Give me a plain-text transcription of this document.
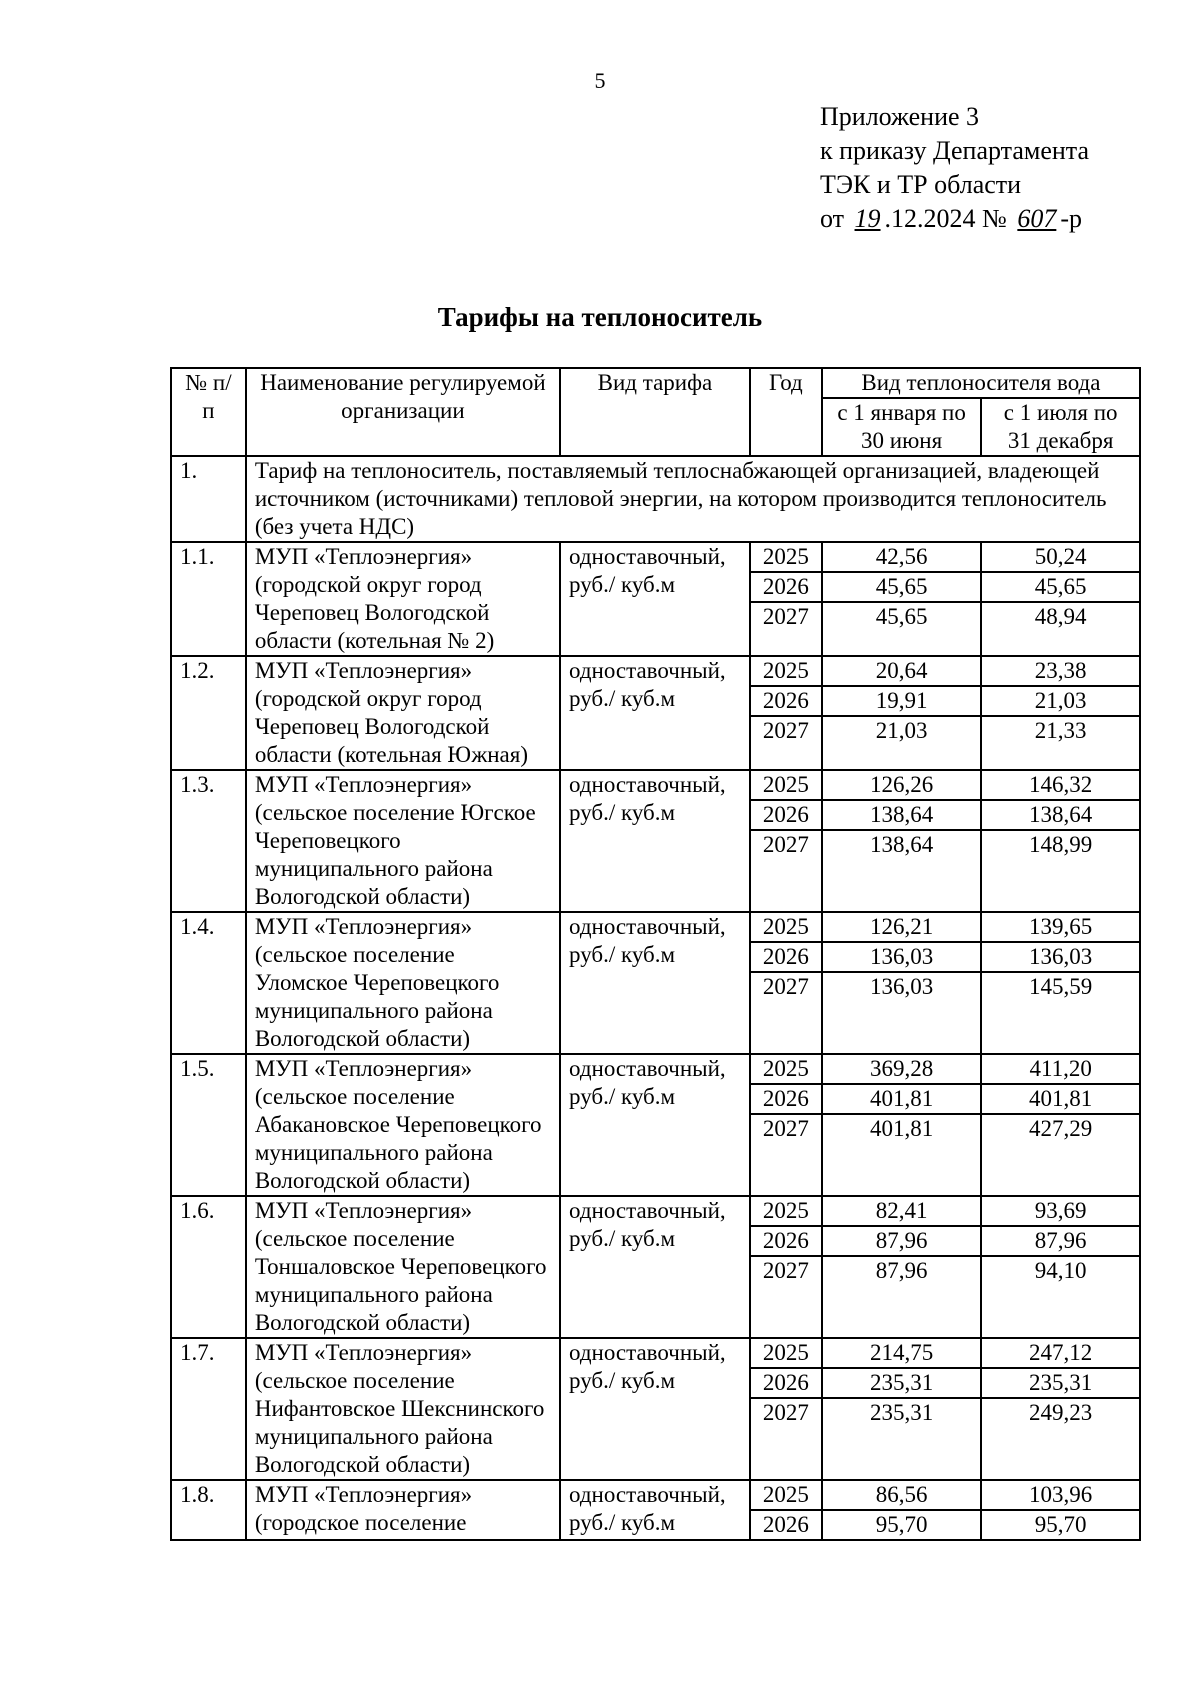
5
Приложение 3
к приказу Департамента
ТЭК и ТР области
от 19 .12.2024 № 607 -р
Тарифы на теплоноситель
№ п/п	Наименование регулируемой организации	Вид тарифа	Год	Вид теплоносителя вода	
				с 1 января по 30 июня	с 1 июля по 31 декабря
1.	Тариф на теплоноситель, поставляемый теплоснабжающей организацией, владеющей источником (источниками) тепловой энергии, на котором производится теплоноситель (без учета НДС)				
1.1.	МУП «Теплоэнергия» (городской округ город Череповец Вологодской области (котельная № 2)	одноставочный, руб./ куб.м	2025	42,56	50,24
			2026	45,65	45,65
			2027	45,65	48,94

1.2.	МУП «Теплоэнергия» (городской округ город Череповец Вологодской области (котельная Южная)	одноставочный, руб./ куб.м	2025	20,64	23,38
			2026	19,91	21,03
			2027	21,03	21,33

1.3.	МУП «Теплоэнергия» (сельское поселение Югское Череповецкого муниципального района Вологодской области)	одноставочный, руб./ куб.м	2025	126,26	146,32
			2026	138,64	138,64
			2027	138,64	148,99

1.4.	МУП «Теплоэнергия» (сельское поселение Уломское Череповецкого муниципального района Вологодской области)	одноставочный, руб./ куб.м	2025	126,21	139,65
			2026	136,03	136,03
			2027	136,03	145,59

1.5.	МУП «Теплоэнергия» (сельское поселение Абакановское Череповецкого муниципального района Вологодской области)	одноставочный, руб./ куб.м	2025	369,28	411,20
			2026	401,81	401,81
			2027	401,81	427,29

1.6.	МУП «Теплоэнергия» (сельское поселение Тоншаловское Череповецкого муниципального района Вологодской области)	одноставочный, руб./ куб.м	2025	82,41	93,69
			2026	87,96	87,96
			2027	87,96	94,10

1.7.	МУП «Теплоэнергия» (сельское поселение Нифантовское Шекснинского муниципального района Вологодской области)	одноставочный, руб./ куб.м	2025	214,75	247,12
			2026	235,31	235,31
			2027	235,31	249,23

1.8.	МУП «Теплоэнергия» (городское поселение	одноставочный, руб./ куб.м	2025	86,56	103,96
			2026	95,70	95,70
